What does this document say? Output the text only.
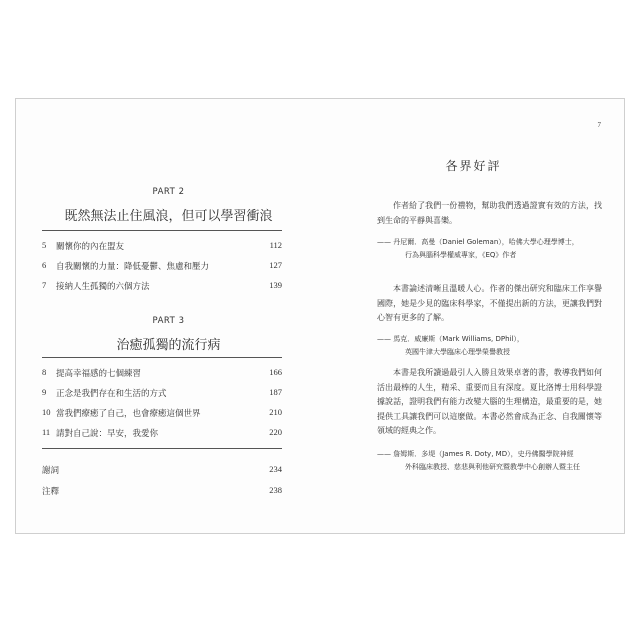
PART 2
既然無法止住風浪，但可以學習衝浪
5	關懷你的內在盟友	112
6	自我關懷的力量：降低憂鬱、焦慮和壓力	127
7	接納人生孤獨的六個方法	139
PART 3
治癒孤獨的流行病
8	提高幸福感的七個練習	166
9	正念是我們存在和生活的方式	187
10 當我們療癒了自己，也會療癒這個世界	210
11 請對自己說：早安，我愛你	220
謝詞	234
注釋	238
7
各界好評
作者給了我們一份禮物，幫助我們透過證實有效的方法，找到生命的平靜與喜樂。
—— 丹尼爾．高曼（Daniel Goleman），哈佛大學心理學博士，
行為與腦科學權威專家，《EQ》作者
本書論述清晰且溫暖人心。作者的傑出研究和臨床工作享譽國際，她是少見的臨床科學家，不僅提出新的方法，更讓我們對心智有更多的了解。
—— 馬克．威廉斯（Mark Williams, DPhil），
英國牛津大學臨床心理學榮譽教授
本書是我所讀過最引人入勝且效果卓著的書，教導我們如何活出最棒的人生，精采、重要而且有深度。夏比洛博士用科學證據說話，證明我們有能力改變大腦的生理構造，最重要的是，她提供工具讓我們可以這麼做。本書必然會成為正念、自我關懷等領域的經典之作。
—— 詹姆斯．多堤（James R. Doty, MD），史丹佛醫學院神經
外科臨床教授、慈悲與利他研究暨教學中心創辦人暨主任
